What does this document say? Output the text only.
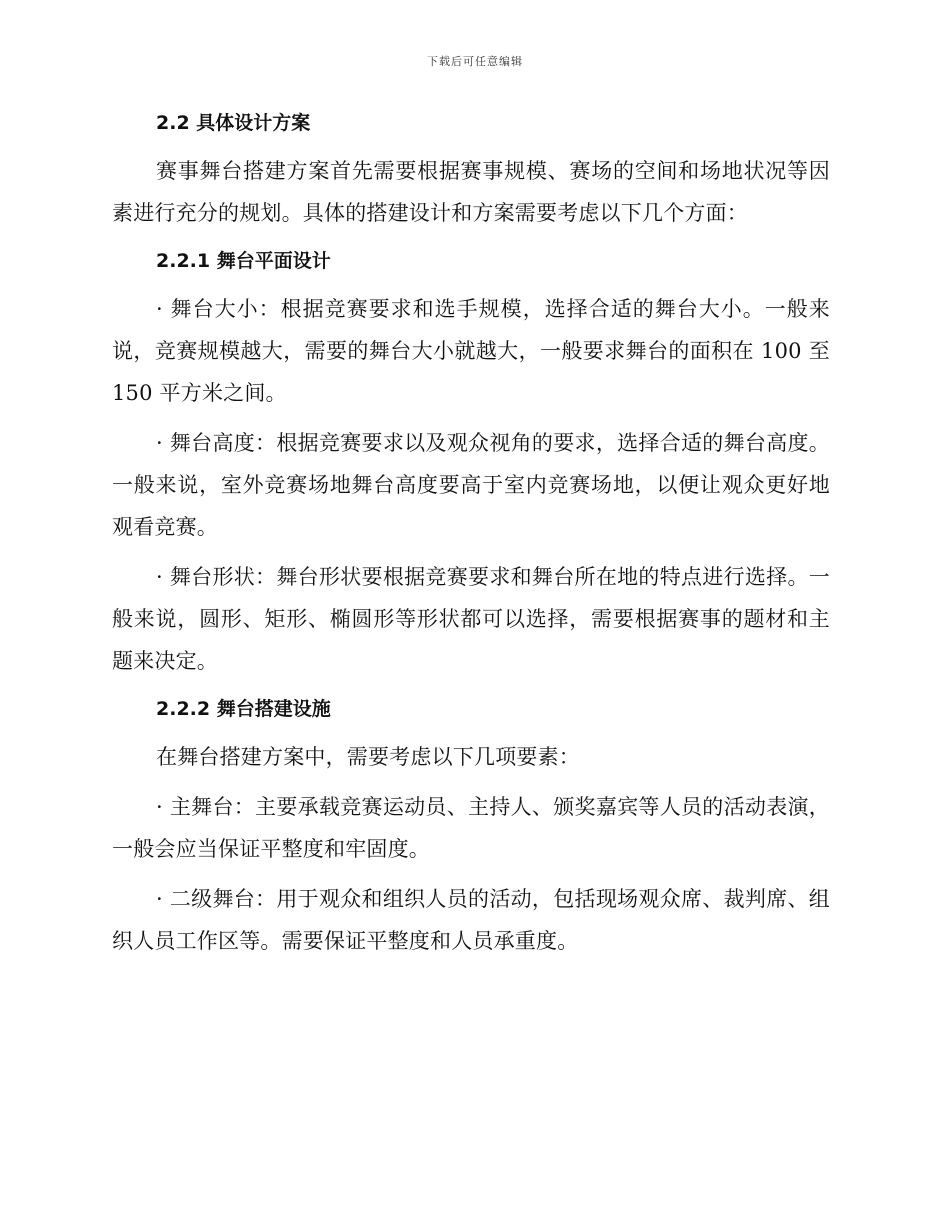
下载后可任意编辑
2.2 具体设计方案

赛事舞台搭建方案首先需要根据赛事规模、赛场的空间和场地状况等因素进行充分的规划。具体的搭建设计和方案需要考虑以下几个方面：

2.2.1 舞台平面设计

· 舞台大小：根据竞赛要求和选手规模，选择合适的舞台大小。一般来说，竞赛规模越大，需要的舞台大小就越大，一般要求舞台的面积在 100 至 150 平方米之间。

· 舞台高度：根据竞赛要求以及观众视角的要求，选择合适的舞台高度。一般来说，室外竞赛场地舞台高度要高于室内竞赛场地，以便让观众更好地观看竞赛。

· 舞台形状：舞台形状要根据竞赛要求和舞台所在地的特点进行选择。一般来说，圆形、矩形、椭圆形等形状都可以选择，需要根据赛事的题材和主题来决定。

2.2.2 舞台搭建设施

在舞台搭建方案中，需要考虑以下几项要素：

· 主舞台：主要承载竞赛运动员、主持人、颁奖嘉宾等人员的活动表演，一般会应当保证平整度和牢固度。

· 二级舞台：用于观众和组织人员的活动，包括现场观众席、裁判席、组织人员工作区等。需要保证平整度和人员承重度。
